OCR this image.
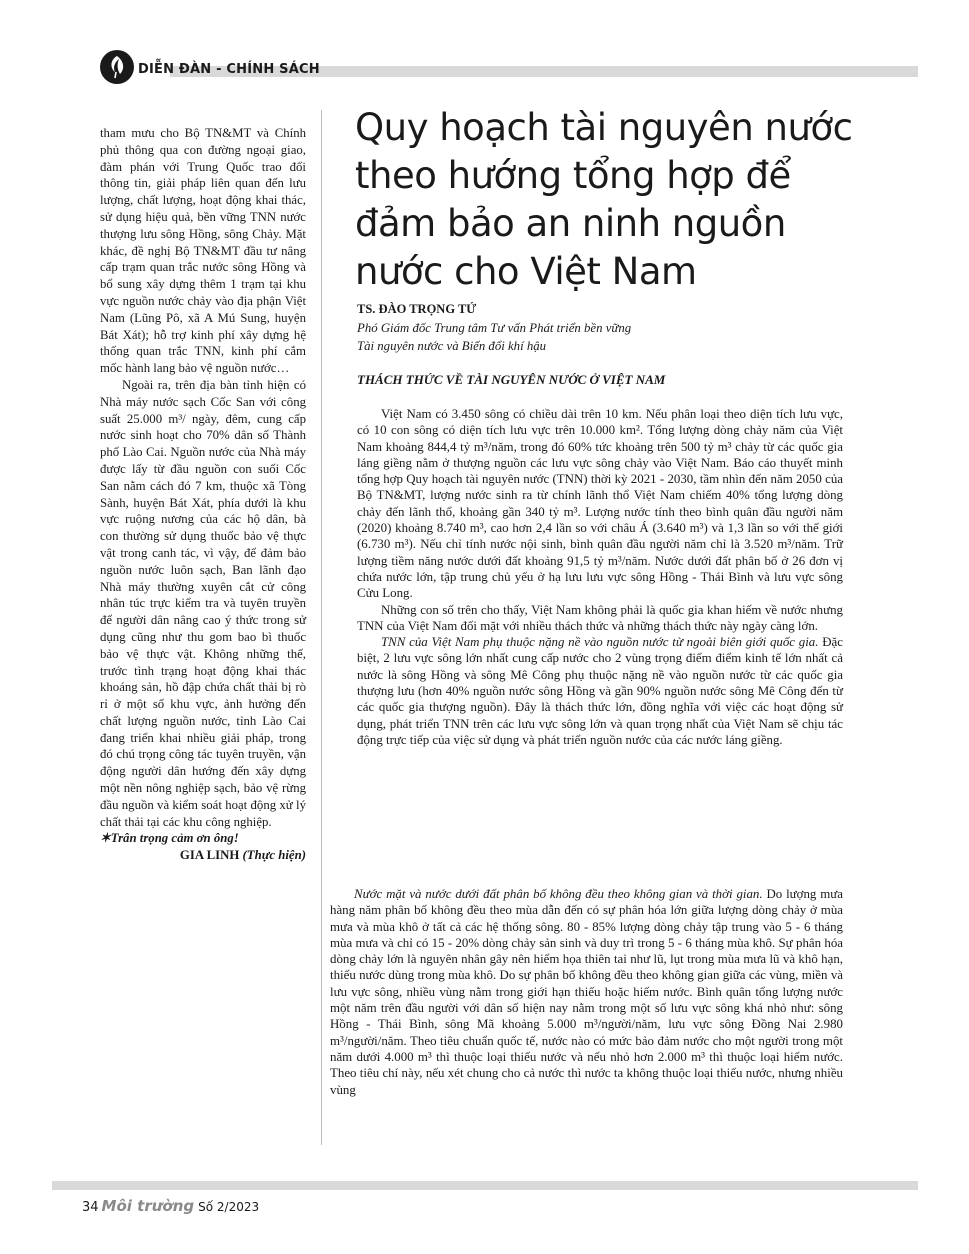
DIỄN ĐÀN - CHÍNH SÁCH

tham mưu cho Bộ TN&MT và Chính phủ thông qua con đường ngoại giao, đàm phán với Trung Quốc trao đổi thông tin, giải pháp liên quan đến lưu lượng, chất lượng, hoạt động khai thác, sử dụng hiệu quả, bền vững TNN nước thượng lưu sông Hồng, sông Chảy. Mặt khác, đề nghị Bộ TN&MT đầu tư nâng cấp trạm quan trắc nước sông Hồng và bổ sung xây dựng thêm 1 trạm tại khu vực nguồn nước chảy vào địa phận Việt Nam (Lũng Pô, xã A Mú Sung, huyện Bát Xát); hỗ trợ kinh phí xây dựng hệ thống quan trắc TNN, kinh phí cắm mốc hành lang bảo vệ nguồn nước…

Ngoài ra, trên địa bàn tỉnh hiện có Nhà máy nước sạch Cốc San với công suất 25.000 m³/ ngày, đêm, cung cấp nước sinh hoạt cho 70% dân số Thành phố Lào Cai. Nguồn nước của Nhà máy được lấy từ đầu nguồn con suối Cốc San nằm cách đó 7 km, thuộc xã Tòng Sành, huyện Bát Xát, phía dưới là khu vực ruộng nương của các hộ dân, bà con thường sử dụng thuốc bảo vệ thực vật trong canh tác, vì vậy, để đảm bảo nguồn nước luôn sạch, Ban lãnh đạo Nhà máy thường xuyên cắt cử công nhân túc trực kiểm tra và tuyên truyền để người dân nâng cao ý thức trong sử dụng cũng như thu gom bao bì thuốc bảo vệ thực vật. Không những thế, trước tình trạng hoạt động khai thác khoáng sản, hồ đập chứa chất thải bị rò rỉ ở một số khu vực, ảnh hưởng đến chất lượng nguồn nước, tỉnh Lào Cai đang triển khai nhiều giải pháp, trong đó chú trọng công tác tuyên truyền, vận động người dân hướng đến xây dựng một nền nông nghiệp sạch, bảo vệ rừng đầu nguồn và kiểm soát hoạt động xử lý chất thải tại các khu công nghiệp.

✶Trân trọng cảm ơn ông!

GIA LINH (Thực hiện)

Quy hoạch tài nguyên nước theo hướng tổng hợp để đảm bảo an ninh nguồn nước cho Việt Nam
TS. ĐÀO TRỌNG TỨ
Phó Giám đốc Trung tâm Tư vấn Phát triển bền vững
Tài nguyên nước và Biến đổi khí hậu
THÁCH THỨC VỀ TÀI NGUYÊN NƯỚC Ở VIỆT NAM

Việt Nam có 3.450 sông có chiều dài trên 10 km. Nếu phân loại theo diện tích lưu vực, có 10 con sông có diện tích lưu vực trên 10.000 km². Tổng lượng dòng chảy năm của Việt Nam khoảng 844,4 tỷ m³/năm, trong đó 60% tức khoảng trên 500 tỷ m³ chảy từ các quốc gia láng giềng nằm ở thượng nguồn các lưu vực sông chảy vào Việt Nam. Báo cáo thuyết minh tổng hợp Quy hoạch tài nguyên nước (TNN) thời kỳ 2021 - 2030, tầm nhìn đến năm 2050 của Bộ TN&MT, lượng nước sinh ra từ chính lãnh thổ Việt Nam chiếm 40% tổng lượng dòng chảy đến lãnh thổ, khoảng gần 340 tỷ m³. Lượng nước tính theo bình quân đầu người năm (2020) khoảng 8.740 m³, cao hơn 2,4 lần so với châu Á (3.640 m³) và 1,3 lần so với thế giới (6.730 m³). Nếu chỉ tính nước nội sinh, bình quân đầu người năm chỉ là 3.520 m³/năm. Trữ lượng tiềm năng nước dưới đất khoảng 91,5 tỷ m³/năm. Nước dưới đất phân bố ở 26 đơn vị chứa nước lớn, tập trung chủ yếu ở hạ lưu lưu vực sông Hồng - Thái Bình và lưu vực sông Cửu Long.

Những con số trên cho thấy, Việt Nam không phải là quốc gia khan hiếm về nước nhưng TNN của Việt Nam đối mặt với nhiều thách thức và những thách thức này ngày càng lớn.

TNN của Việt Nam phụ thuộc nặng nề vào nguồn nước từ ngoài biên giới quốc gia. Đặc biệt, 2 lưu vực sông lớn nhất cung cấp nước cho 2 vùng trọng điểm điểm kinh tế lớn nhất cả nước là sông Hồng và sông Mê Công phụ thuộc nặng nề vào nguồn nước từ các quốc gia thượng lưu (hơn 40% nguồn nước sông Hồng và gần 90% nguồn nước sông Mê Công đến từ các quốc gia thượng nguồn). Đây là thách thức lớn, đồng nghĩa với việc các hoạt động sử dụng, phát triển TNN trên các lưu vực sông lớn và quan trọng nhất của Việt Nam sẽ chịu tác động trực tiếp của việc sử dụng và phát triển nguồn nước của các nước láng giềng.

Nước mặt và nước dưới đất phân bố không đều theo không gian và thời gian. Do lượng mưa hàng năm phân bố không đều theo mùa dẫn đến có sự phân hóa lớn giữa lượng dòng chảy ở mùa mưa và mùa khô ở tất cả các hệ thống sông. 80 - 85% lượng dòng chảy tập trung vào 5 - 6 tháng mùa mưa và chỉ có 15 - 20% dòng chảy sản sinh và duy trì trong 5 - 6 tháng mùa khô. Sự phân hóa dòng chảy lớn là nguyên nhân gây nên hiểm họa thiên tai như lũ, lụt trong mùa mưa lũ và khô hạn, thiếu nước dùng trong mùa khô. Do sự phân bố không đều theo không gian giữa các vùng, miền và lưu vực sông, nhiều vùng nằm trong giới hạn thiếu hoặc hiếm nước. Bình quân tổng lượng nước một năm trên đầu người với dân số hiện nay nằm trong một số lưu vực sông khá nhỏ như: sông Hồng - Thái Bình, sông Mã khoảng 5.000 m³/người/năm, lưu vực sông Đồng Nai 2.980 m³/người/năm. Theo tiêu chuẩn quốc tế, nước nào có mức bảo đảm nước cho một người trong một năm dưới 4.000 m³ thì thuộc loại thiếu nước và nếu nhỏ hơn 2.000 m³ thì thuộc loại hiếm nước. Theo tiêu chí này, nếu xét chung cho cả nước thì nước ta không thuộc loại thiếu nước, nhưng nhiều vùng

34 Môi trường Số 2/2023
